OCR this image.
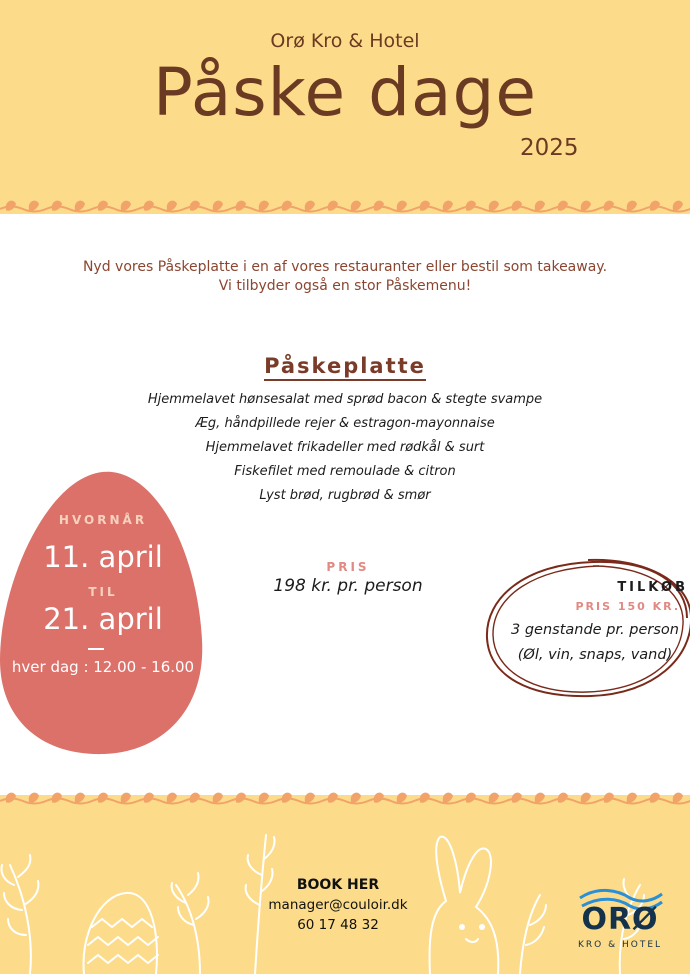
Orø Kro & Hotel
Påske dage
2025
Nyd vores Påskeplatte i en af vores restauranter eller bestil som takeaway.
Vi tilbyder også en stor Påskemenu!
Påskeplatte
Hjemmelavet hønsesalat med sprød bacon & stegte svampe
Æg, håndpillede rejer & estragon-mayonnaise
Hjemmelavet frikadeller med rødkål & surt
Fiskefilet med remoulade & citron
Lyst brød, rugbrød & smør
HVORNÅR
11. april
TIL
21. april
hver dag : 12.00 - 16.00
PRIS
198 kr. pr. person	TILKØB
PRIS 150 KR.
3 genstande pr. person
(Øl, vin, snaps, vand)
BOOK HER
manager@couloir.dk
60 17 48 32	ORØ
KRO & HOTEL
